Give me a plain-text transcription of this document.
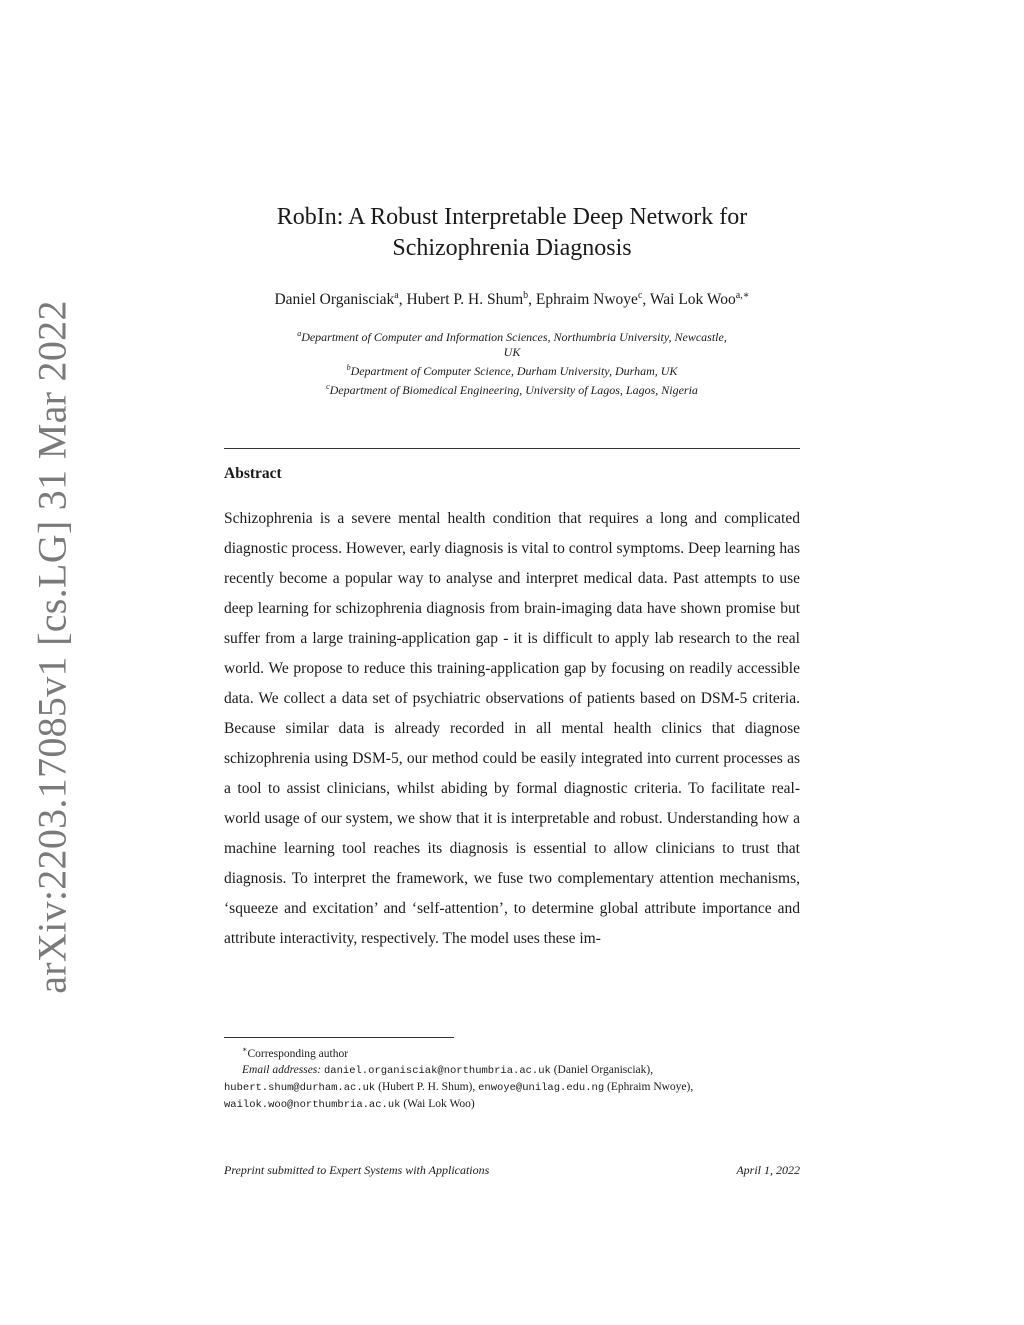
arXiv:2203.17085v1 [cs.LG] 31 Mar 2022
RobIn: A Robust Interpretable Deep Network for
Schizophrenia Diagnosis
Daniel Organisciak$^a$, Hubert P. H. Shum$^b$, Ephraim Nwoye$^c$, Wai Lok Woo$^{a,∗}$
$^a$Department of Computer and Information Sciences, Northumbria University, Newcastle,
UK
$^b$Department of Computer Science, Durham University, Durham, UK
$^c$Department of Biomedical Engineering, University of Lagos, Lagos, Nigeria
Abstract

Schizophrenia is a severe mental health condition that requires a long and complicated diagnostic process. However, early diagnosis is vital to control symptoms. Deep learning has recently become a popular way to analyse and interpret medical data. Past attempts to use deep learning for schizophrenia diagnosis from brain-imaging data have shown promise but suffer from a large training-application gap - it is difficult to apply lab research to the real world. We propose to reduce this training-application gap by focusing on readily accessible data. We collect a data set of psychiatric observations of patients based on DSM-5 criteria. Because similar data is already recorded in all mental health clinics that diagnose schizophrenia using DSM-5, our method could be easily integrated into current processes as a tool to assist clinicians, whilst abiding by formal diagnostic criteria. To facilitate real-world usage of our system, we show that it is interpretable and robust. Understanding how a machine learning tool reaches its diagnosis is essential to allow clinicians to trust that diagnosis. To interpret the framework, we fuse two complementary attention mechanisms, ‘squeeze and excitation’ and ‘self-attention’, to determine global attribute importance and attribute interactivity, respectively. The model uses these im-

∗Corresponding author
Email addresses: daniel.organisciak@northumbria.ac.uk (Daniel Organisciak),
hubert.shum@durham.ac.uk (Hubert P. H. Shum), enwoye@unilag.edu.ng (Ephraim Nwoye),
wailok.woo@northumbria.ac.uk (Wai Lok Woo)
Preprint submitted to Expert Systems with Applications	April 1, 2022
